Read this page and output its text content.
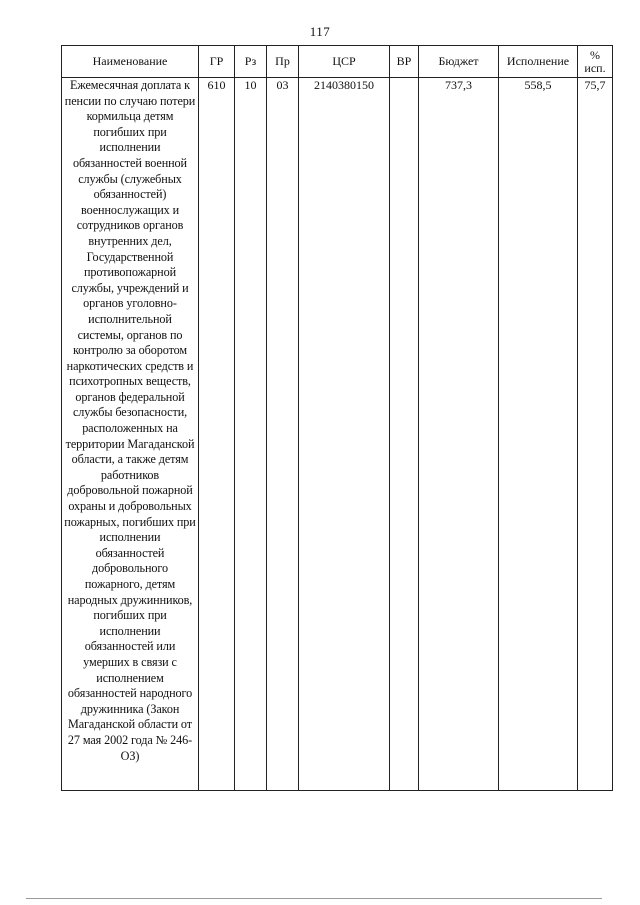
117
Наименование	ГР	Рз	Пр	ЦСР	ВР	Бюджет	Исполнение	% исп.
Ежемесячная доплата к пенсии по случаю потери кормильца детям погибших при исполнении обязанностей военной службы (служебных обязанностей) военнослужащих и сотрудников органов внутренних дел, Государственной противопожарной службы, учреждений и органов уголовно-исполнительной системы, органов по контролю за оборотом наркотических средств и психотропных веществ, органов федеральной службы безопасности, расположенных на территории Магаданской области, а также детям работников добровольной пожарной охраны и добровольных пожарных, погибших при исполнении обязанностей добровольного пожарного, детям народных дружинников, погибших при исполнении обязанностей или умерших в связи с исполнением обязанностей народного дружинника (Закон Магаданской области от 27 мая 2002 года № 246-ОЗ)	610	10	03	2140380150		737,3	558,5	75,7
